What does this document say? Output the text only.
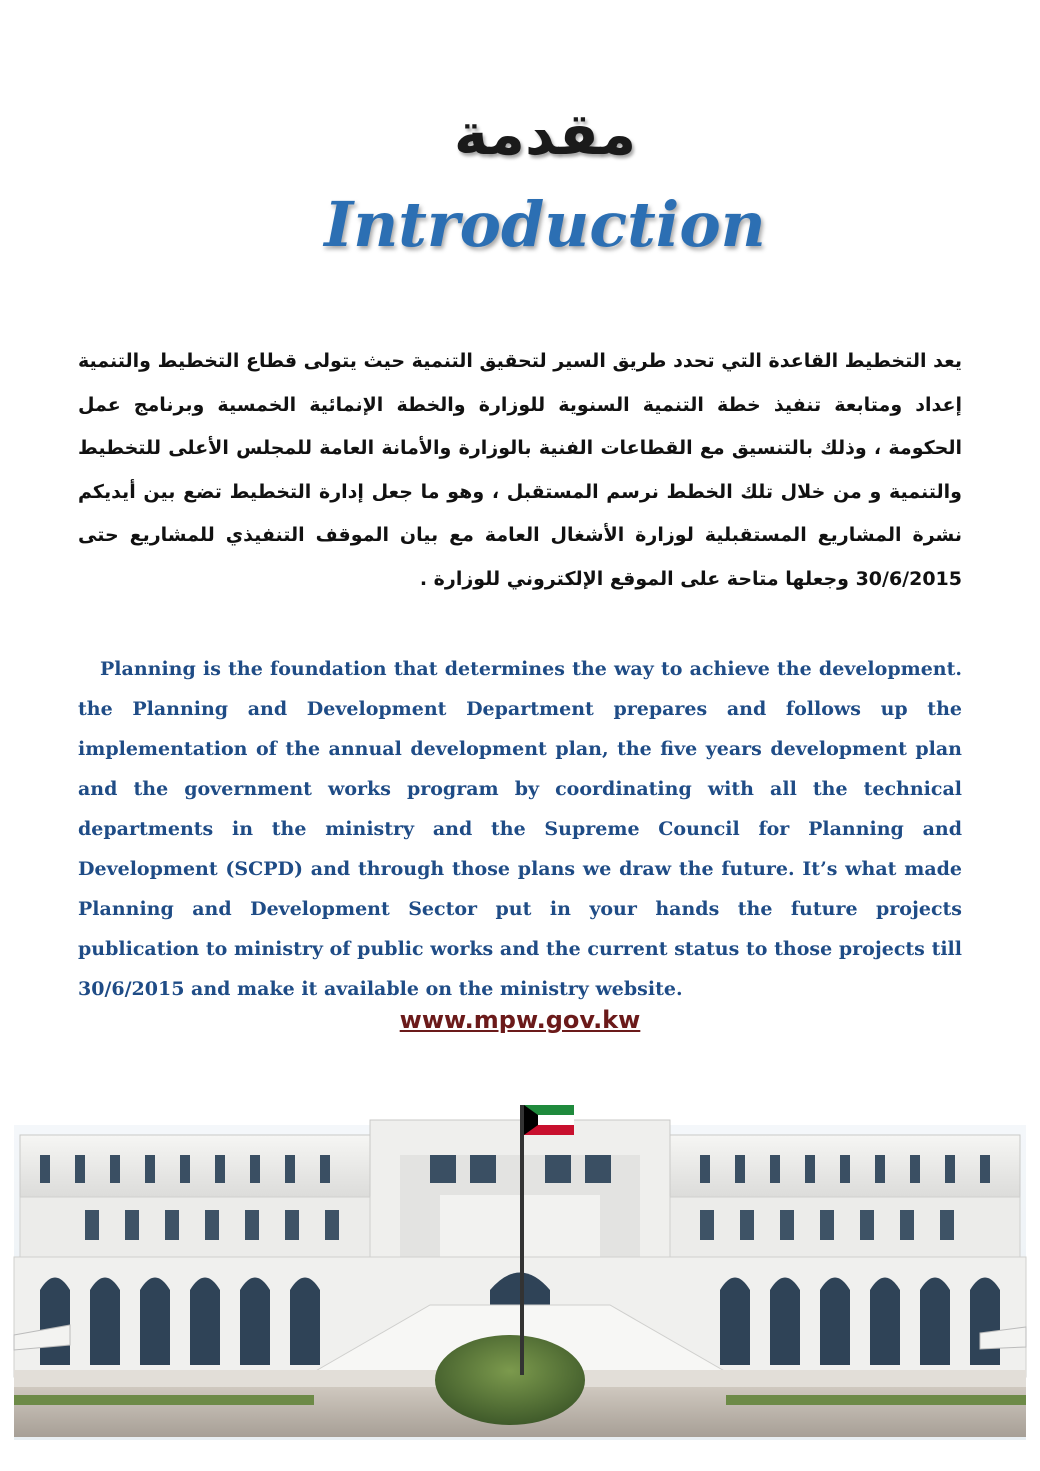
مقدمة
Introduction

يعد التخطيط القاعدة التي تحدد طريق السير لتحقيق التنمية حيث يتولى قطاع التخطيط والتنمية إعداد ومتابعة تنفيذ خطة التنمية السنوية للوزارة والخطة الإنمائية الخمسية وبرنامج عمل الحكومة ، وذلك بالتنسيق مع القطاعات الفنية بالوزارة والأمانة العامة للمجلس الأعلى للتخطيط والتنمية و من خلال تلك الخطط نرسم المستقبل ، وهو ما جعل إدارة التخطيط تضع بين أيديكم نشرة المشاريع المستقبلية لوزارة الأشغال العامة مع بيان الموقف التنفيذي للمشاريع حتى 30/6/2015 وجعلها متاحة على الموقع الإلكتروني للوزارة .

Planning is the foundation that determines the way to achieve the development. the Planning and Development Department prepares and follows up the implementation of the annual development plan, the five years development plan and the government works program by coordinating with all the technical departments in the ministry and the Supreme Council for Planning and Development (SCPD) and through those plans we draw the future. It’s what made Planning and Development Sector put in your hands the future projects publication to ministry of public works and the current status to those projects till 30/6/2015 and make it available on the ministry website.

www.mpw.gov.kw
